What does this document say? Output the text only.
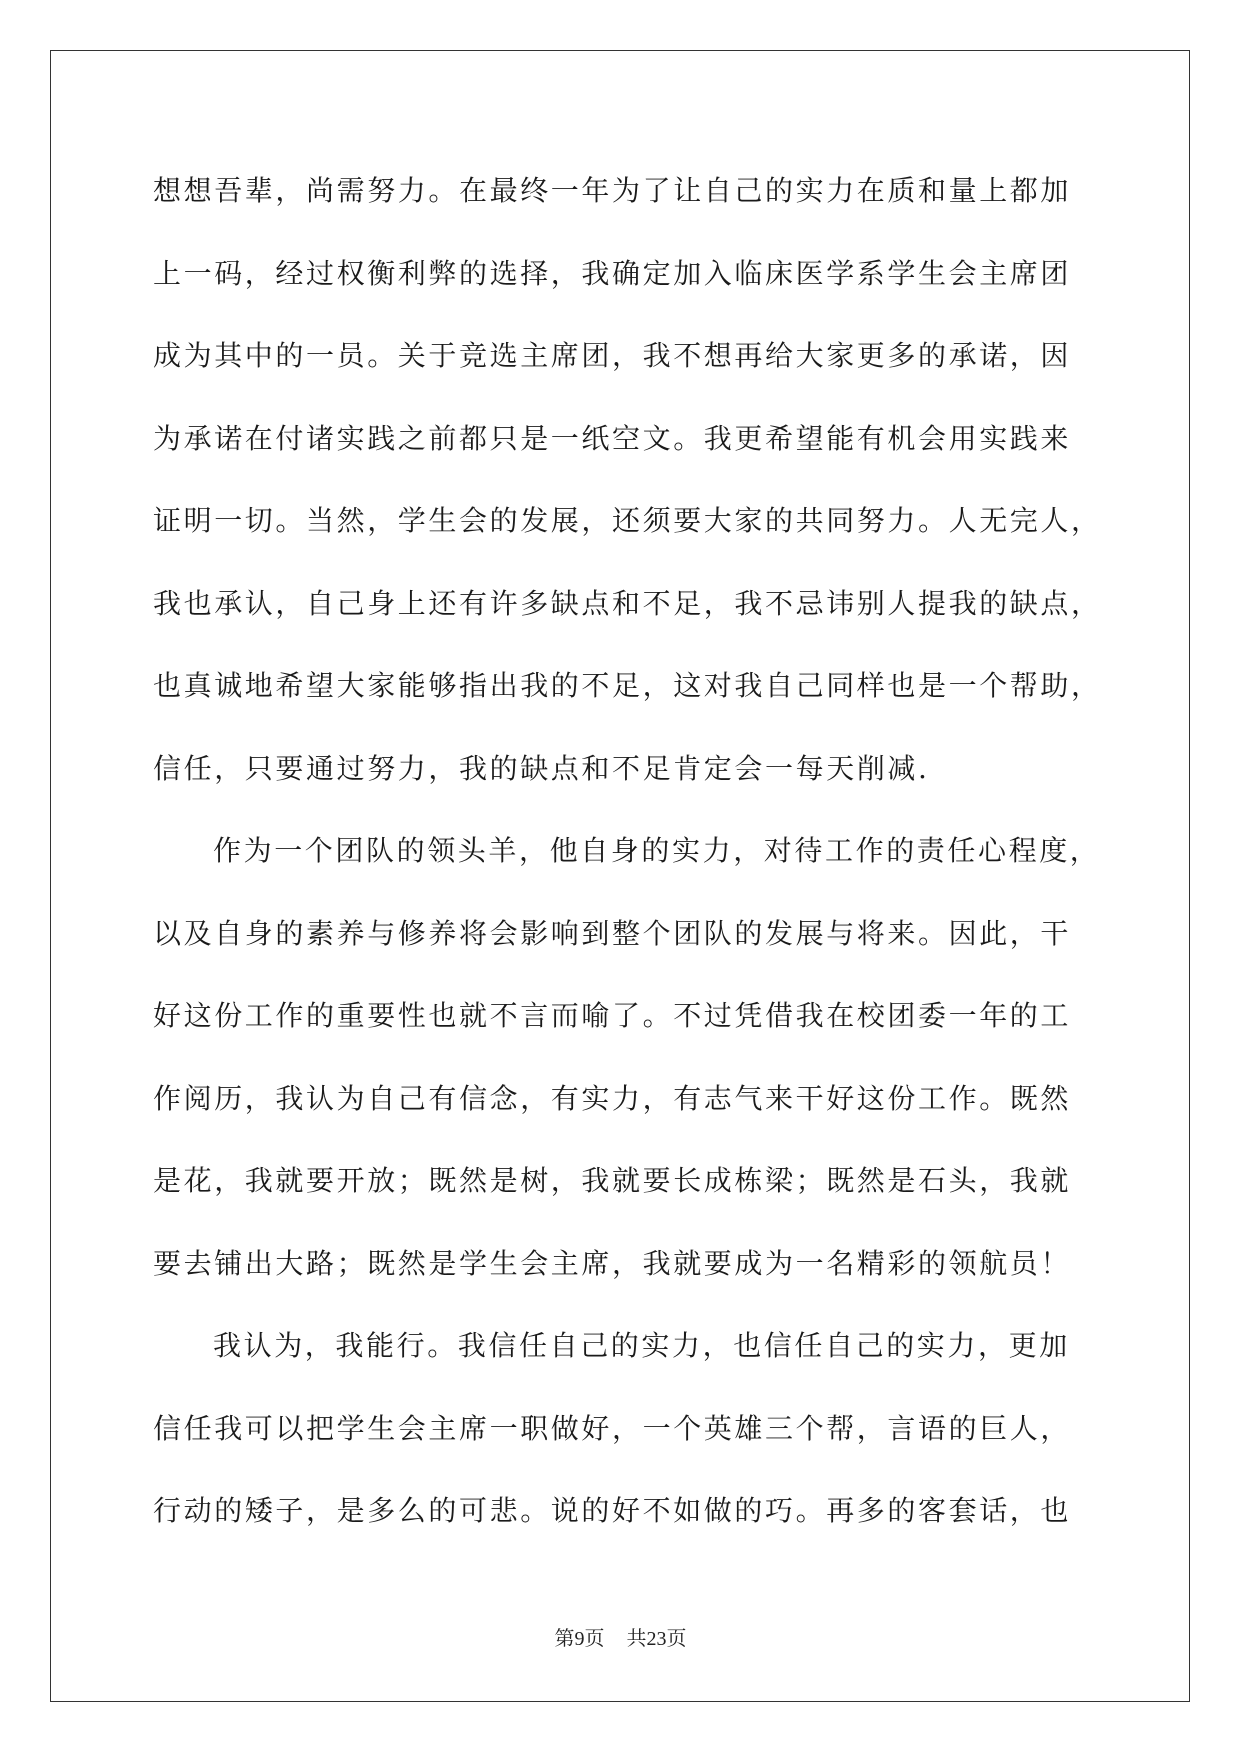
想想吾辈，尚需努力。在最终一年为了让自己的实力在质和量上都加
上一码，经过权衡利弊的选择，我确定加入临床医学系学生会主席团
成为其中的一员。关于竞选主席团，我不想再给大家更多的承诺，因
为承诺在付诸实践之前都只是一纸空文。我更希望能有机会用实践来
证明一切。当然，学生会的发展，还须要大家的共同努力。人无完人，
我也承认，自己身上还有许多缺点和不足，我不忌讳别人提我的缺点，
也真诚地希望大家能够指出我的不足，这对我自己同样也是一个帮助，
信任，只要通过努力，我的缺点和不足肯定会一每天削减.
作为一个团队的领头羊，他自身的实力，对待工作的责任心程度，
以及自身的素养与修养将会影响到整个团队的发展与将来。因此，干
好这份工作的重要性也就不言而喻了。不过凭借我在校团委一年的工
作阅历，我认为自己有信念，有实力，有志气来干好这份工作。既然
是花，我就要开放；既然是树，我就要长成栋梁；既然是石头，我就
要去铺出大路；既然是学生会主席，我就要成为一名精彩的领航员！
我认为，我能行。我信任自己的实力，也信任自己的实力，更加
信任我可以把学生会主席一职做好，一个英雄三个帮，言语的巨人，
行动的矮子，是多么的可悲。说的好不如做的巧。再多的客套话，也
第9页 共23页
